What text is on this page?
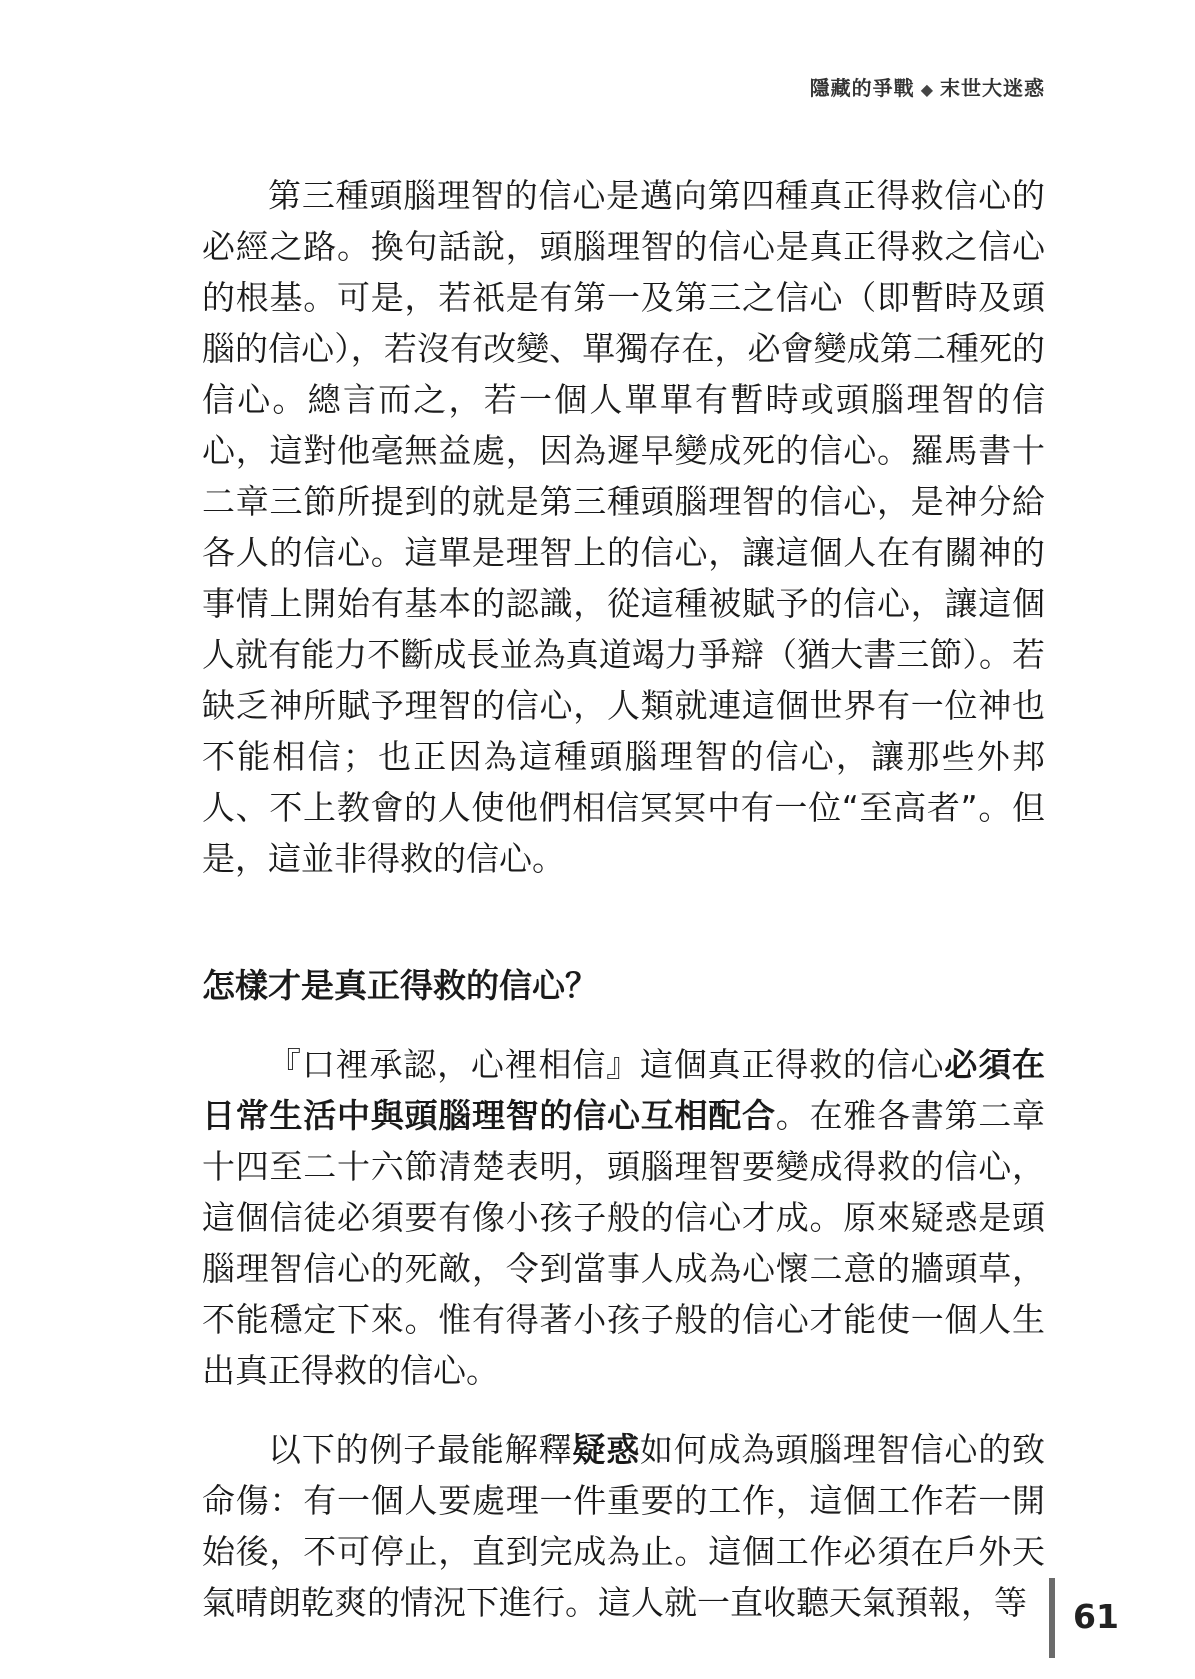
隱藏的爭戰 ◆ 末世大迷惑

第三種頭腦理智的信心是邁向第四種真正得救信心的必經之路。換句話說，頭腦理智的信心是真正得救之信心的根基。可是，若祇是有第一及第三之信心（即暫時及頭腦的信心），若沒有改變、單獨存在，必會變成第二種死的信心。總言而之，若一個人單單有暫時或頭腦理智的信心，這對他毫無益處，因為遲早變成死的信心。羅馬書十二章三節所提到的就是第三種頭腦理智的信心，是神分給各人的信心。這單是理智上的信心，讓這個人在有關神的事情上開始有基本的認識，從這種被賦予的信心，讓這個人就有能力不斷成長並為真道竭力爭辯（猶大書三節）。若缺乏神所賦予理智的信心，人類就連這個世界有一位神也不能相信；也正因為這種頭腦理智的信心，讓那些外邦人、不上教會的人使他們相信冥冥中有一位“至高者”。但是，這並非得救的信心。

怎樣才是真正得救的信心？

『口裡承認，心裡相信』這個真正得救的信心必須在日常生活中與頭腦理智的信心互相配合。在雅各書第二章十四至二十六節清楚表明，頭腦理智要變成得救的信心，這個信徒必須要有像小孩子般的信心才成。原來疑惑是頭腦理智信心的死敵，令到當事人成為心懷二意的牆頭草，不能穩定下來。惟有得著小孩子般的信心才能使一個人生出真正得救的信心。

以下的例子最能解釋疑惑如何成為頭腦理智信心的致命傷：有一個人要處理一件重要的工作，這個工作若一開始後，不可停止，直到完成為止。這個工作必須在戶外天氣晴朗乾爽的情況下進行。這人就一直收聽天氣預報，等	61
